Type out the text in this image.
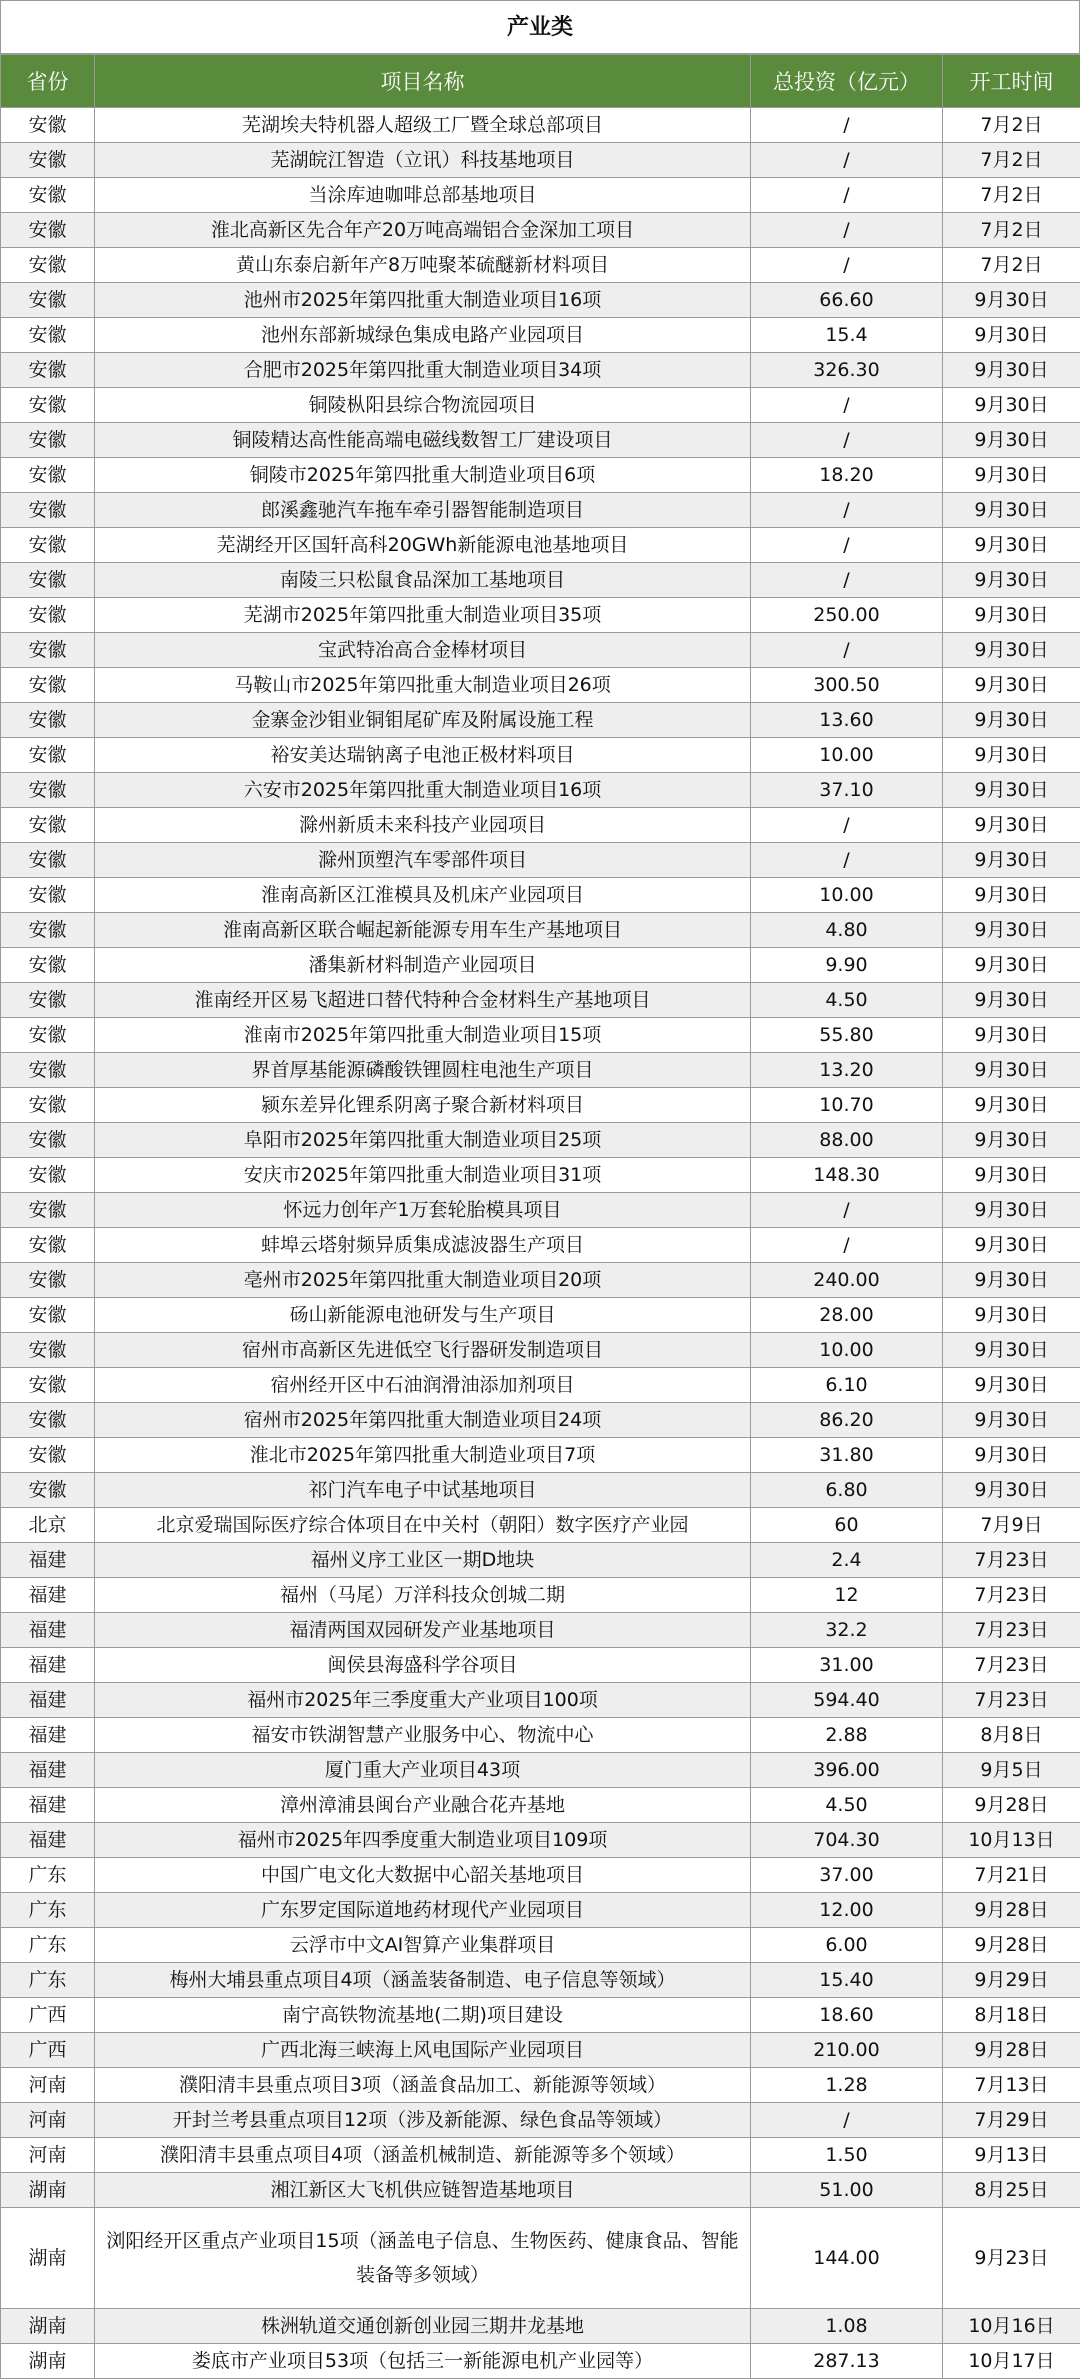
产业类
省份	项目名称	总投资（亿元）	开工时间
安徽	芜湖埃夫特机器人超级工厂暨全球总部项目	/	7月2日
安徽	芜湖皖江智造（立讯）科技基地项目	/	7月2日
安徽	当涂库迪咖啡总部基地项目	/	7月2日
安徽	淮北高新区先合年产20万吨高端铝合金深加工项目	/	7月2日
安徽	黄山东泰启新年产8万吨聚苯硫醚新材料项目	/	7月2日
安徽	池州市2025年第四批重大制造业项目16项	66.60	9月30日
安徽	池州东部新城绿色集成电路产业园项目	15.4	9月30日
安徽	合肥市2025年第四批重大制造业项目34项	326.30	9月30日
安徽	铜陵枞阳县综合物流园项目	/	9月30日
安徽	铜陵精达高性能高端电磁线数智工厂建设项目	/	9月30日
安徽	铜陵市2025年第四批重大制造业项目6项	18.20	9月30日
安徽	郎溪鑫驰汽车拖车牵引器智能制造项目	/	9月30日
安徽	芜湖经开区国轩高科20GWh新能源电池基地项目	/	9月30日
安徽	南陵三只松鼠食品深加工基地项目	/	9月30日
安徽	芜湖市2025年第四批重大制造业项目35项	250.00	9月30日
安徽	宝武特冶高合金棒材项目	/	9月30日
安徽	马鞍山市2025年第四批重大制造业项目26项	300.50	9月30日
安徽	金寨金沙钼业铜钼尾矿库及附属设施工程	13.60	9月30日
安徽	裕安美达瑞钠离子电池正极材料项目	10.00	9月30日
安徽	六安市2025年第四批重大制造业项目16项	37.10	9月30日
安徽	滁州新质未来科技产业园项目	/	9月30日
安徽	滁州顶塑汽车零部件项目	/	9月30日
安徽	淮南高新区江淮模具及机床产业园项目	10.00	9月30日
安徽	淮南高新区联合崛起新能源专用车生产基地项目	4.80	9月30日
安徽	潘集新材料制造产业园项目	9.90	9月30日
安徽	淮南经开区易飞超进口替代特种合金材料生产基地项目	4.50	9月30日
安徽	淮南市2025年第四批重大制造业项目15项	55.80	9月30日
安徽	界首厚基能源磷酸铁锂圆柱电池生产项目	13.20	9月30日
安徽	颍东差异化锂系阴离子聚合新材料项目	10.70	9月30日
安徽	阜阳市2025年第四批重大制造业项目25项	88.00	9月30日
安徽	安庆市2025年第四批重大制造业项目31项	148.30	9月30日
安徽	怀远力创年产1万套轮胎模具项目	/	9月30日
安徽	蚌埠云塔射频异质集成滤波器生产项目	/	9月30日
安徽	亳州市2025年第四批重大制造业项目20项	240.00	9月30日
安徽	砀山新能源电池研发与生产项目	28.00	9月30日
安徽	宿州市高新区先进低空飞行器研发制造项目	10.00	9月30日
安徽	宿州经开区中石油润滑油添加剂项目	6.10	9月30日
安徽	宿州市2025年第四批重大制造业项目24项	86.20	9月30日
安徽	淮北市2025年第四批重大制造业项目7项	31.80	9月30日
安徽	祁门汽车电子中试基地项目	6.80	9月30日
北京	北京爱瑞国际医疗综合体项目在中关村（朝阳）数字医疗产业园	60	7月9日
福建	福州义序工业区一期D地块	2.4	7月23日
福建	福州（马尾）万洋科技众创城二期	12	7月23日
福建	福清两国双园研发产业基地项目	32.2	7月23日
福建	闽侯县海盛科学谷项目	31.00	7月23日
福建	福州市2025年三季度重大产业项目100项	594.40	7月23日
福建	福安市铁湖智慧产业服务中心、物流中心	2.88	8月8日
福建	厦门重大产业项目43项	396.00	9月5日
福建	漳州漳浦县闽台产业融合花卉基地	4.50	9月28日
福建	福州市2025年四季度重大制造业项目109项	704.30	10月13日
广东	中国广电文化大数据中心韶关基地项目	37.00	7月21日
广东	广东罗定国际道地药材现代产业园项目	12.00	9月28日
广东	云浮市中文AI智算产业集群项目	6.00	9月28日
广东	梅州大埔县重点项目4项（涵盖装备制造、电子信息等领域）	15.40	9月29日
广西	南宁高铁物流基地(二期)项目建设	18.60	8月18日
广西	广西北海三峡海上风电国际产业园项目	210.00	9月28日
河南	濮阳清丰县重点项目3项（涵盖食品加工、新能源等领域）	1.28	7月13日
河南	开封兰考县重点项目12项（涉及新能源、绿色食品等领域）	/	7月29日
河南	濮阳清丰县重点项目4项（涵盖机械制造、新能源等多个领域）	1.50	9月13日
湖南	湘江新区大飞机供应链智造基地项目	51.00	8月25日
湖南	浏阳经开区重点产业项目15项（涵盖电子信息、生物医药、健康食品、智能装备等多领域）	144.00	9月23日
湖南	株洲轨道交通创新创业园三期井龙基地	1.08	10月16日
湖南	娄底市产业项目53项（包括三一新能源电机产业园等）	287.13	10月17日
